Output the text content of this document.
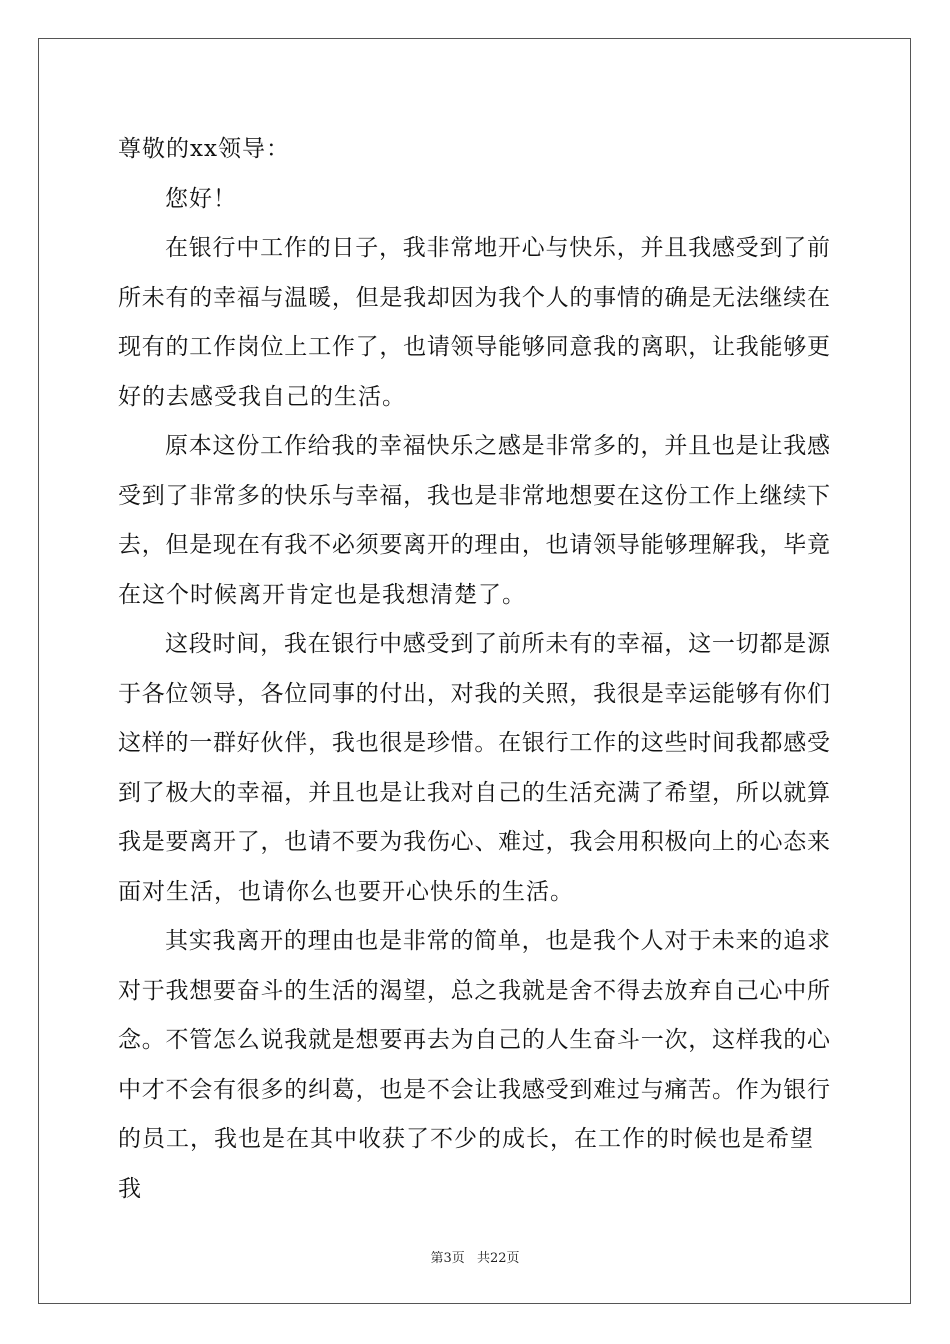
尊敬的xx领导：
您好！
在银行中工作的日子，我非常地开心与快乐，并且我感受到了前
所未有的幸福与温暖，但是我却因为我个人的事情的确是无法继续在
现有的工作岗位上工作了，也请领导能够同意我的离职，让我能够更
好的去感受我自己的生活。
原本这份工作给我的幸福快乐之感是非常多的，并且也是让我感
受到了非常多的快乐与幸福，我也是非常地想要在这份工作上继续下
去，但是现在有我不必须要离开的理由，也请领导能够理解我，毕竟
在这个时候离开肯定也是我想清楚了。
这段时间，我在银行中感受到了前所未有的幸福，这一切都是源
于各位领导，各位同事的付出，对我的关照，我很是幸运能够有你们
这样的一群好伙伴，我也很是珍惜。在银行工作的这些时间我都感受
到了极大的幸福，并且也是让我对自己的生活充满了希望，所以就算
我是要离开了，也请不要为我伤心、难过，我会用积极向上的心态来
面对生活，也请你么也要开心快乐的生活。
其实我离开的理由也是非常的简单，也是我个人对于未来的追求
对于我想要奋斗的生活的渴望，总之我就是舍不得去放弃自己心中所
念。不管怎么说我就是想要再去为自己的人生奋斗一次，这样我的心
中才不会有很多的纠葛，也是不会让我感受到难过与痛苦。作为银行
的员工，我也是在其中收获了不少的成长，在工作的时候也是希望我
第3页 共22页
